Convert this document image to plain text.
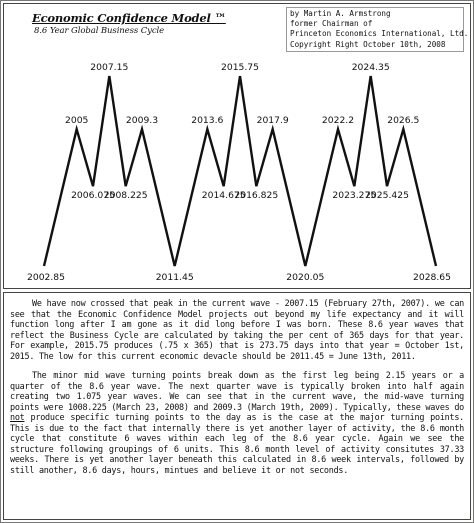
Economic Confidence Model ™
8.6 Year Global Business Cycle
by Martin A. Armstrong
former Chairman of
Princeton Economics International, Ltd.
Copyright Right October 10th, 2008
2002.85
2005
2006.075
2007.15
2008.225
2009.3
2011.45
2013.6
2014.675
2015.75
2016.825
2017.9
2020.05
2022.2
2023.275
2024.35
2025.425
2026.5
2028.65

We have now crossed that peak in the current wave - 2007.15 (February 27th, 2007). we can see that the Economic Confidence Model projects out beyond my life expectancy and it will function long after I am gone as it did long before I was born. These 8.6 year waves that reflect the Business Cycle are calculated by taking the per cent of 365 days for that year. For example, 2015.75 produces (.75 x 365) that is 273.75 days into that year = October 1st, 2015. The low for this current economic devacle should be 2011.45 = June 13th, 2011.

The minor mid wave turning points break down as the first leg being 2.15 years or a quarter of the 8.6 year wave. The next quarter wave is typically broken into half again creating two 1.075 year waves. We can see that in the current wave, the mid-wave turning points were 1008.225 (March 23, 2008) and 2009.3 (March 19th, 2009). Typically, these waves do not produce specific turning points to the day as is the case at the major turning points. This is due to the fact that internally there is yet another layer of activity, the 8.6 month cycle that constitute 6 waves within each leg of the 8.6 year cycle. Again we see the structure following groupings of 6 units. This 8.6 month level of activity consitutes 37.33 weeks. There is yet another layer beneath this calculated in 8.6 week intervals, followed by still another, 8.6 days, hours, mintues and believe it or not seconds.
